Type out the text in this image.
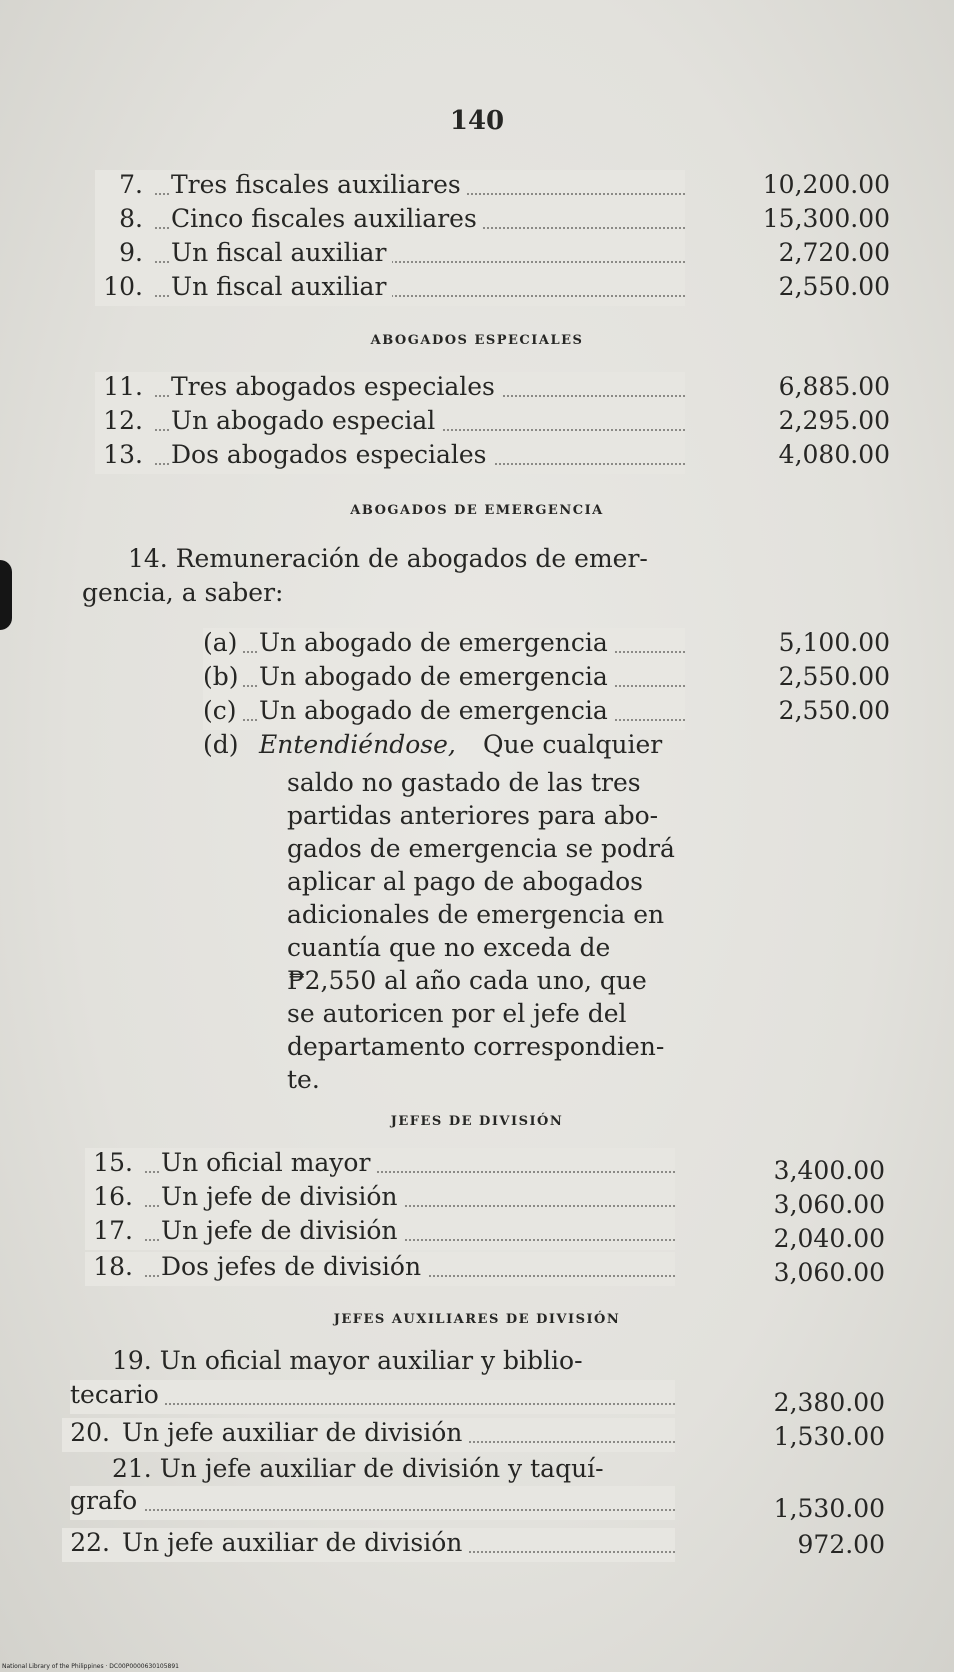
140
7. Tres fiscales auxiliares	10,200.00
8. Cinco fiscales auxiliares	15,300.00
9. Un fiscal auxiliar	2,720.00
10. Un fiscal auxiliar	2,550.00
ABOGADOS ESPECIALES
11. Tres abogados especiales	6,885.00
12. Un abogado especial	2,295.00
13. Dos abogados especiales	4,080.00
ABOGADOS DE EMERGENCIA
14. Remuneración de abogados de emer-
gencia, a saber:
(a) Un abogado de emergencia	5,100.00
(b) Un abogado de emergencia	2,550.00
(c) Un abogado de emergencia	2,550.00
(d) Entendiéndose, Que cualquier
saldo no gastado de las tres
partidas anteriores para abo-
gados de emergencia se podrá
aplicar al pago de abogados
adicionales de emergencia en
cuantía que no exceda de
₱2,550 al año cada uno, que
se autoricen por el jefe del
departamento correspondien-
te.
JEFES DE DIVISIÓN
15. Un oficial mayor	3,400.00
16. Un jefe de división	3,060.00
17. Un jefe de división	2,040.00
18. Dos jefes de división	3,060.00
JEFES AUXILIARES DE DIVISIÓN
19. Un oficial mayor auxiliar y biblio-
tecario	2,380.00
20. Un jefe auxiliar de división	1,530.00
21. Un jefe auxiliar de división y taquí-
grafo	1,530.00
22. Un jefe auxiliar de división	972.00
National Library of the Philippines · DC00P0000630105891
